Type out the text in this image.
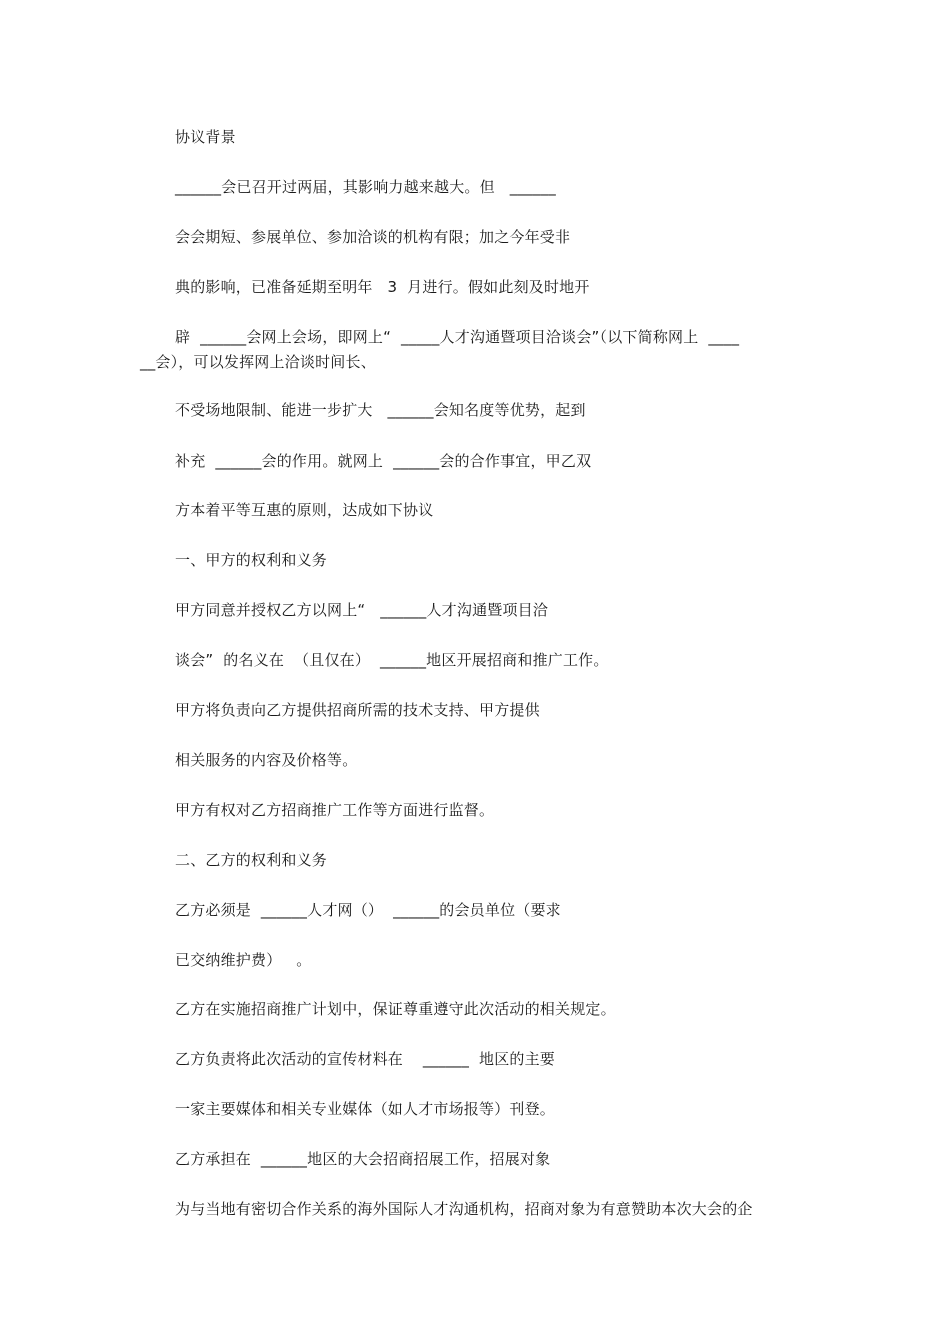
协议背景
______会已召开过两届，其影响力越来越大。但   ______
会会期短、参展单位、参加洽谈的机构有限；加之今年受非
典的影响，已准备延期至明年   3  月进行。假如此刻及时地开
辟  ______会网上会场，即网上“  _____人才沟通暨项目洽谈会”（以下简称网上  ____
__会），可以发挥网上洽谈时间长、
不受场地限制、能进一步扩大   ______会知名度等优势，起到
补充  ______会的作用。就网上  ______会的合作事宜，甲乙双
方本着平等互惠的原则，达成如下协议
一、甲方的权利和义务
甲方同意并授权乙方以网上“   ______人才沟通暨项目洽
谈会”  的名义在  （且仅在）  ______地区开展招商和推广工作。
甲方将负责向乙方提供招商所需的技术支持、甲方提供
相关服务的内容及价格等。
甲方有权对乙方招商推广工作等方面进行监督。
二、乙方的权利和义务
乙方必须是  ______人才网（）  ______的会员单位（要求
已交纳维护费）   。
乙方在实施招商推广计划中，保证尊重遵守此次活动的相关规定。
乙方负责将此次活动的宣传材料在    ______  地区的主要
一家主要媒体和相关专业媒体（如人才市场报等）刊登。
乙方承担在  ______地区的大会招商招展工作，招展对象
为与当地有密切合作关系的海外国际人才沟通机构，招商对象为有意赞助本次大会的企
